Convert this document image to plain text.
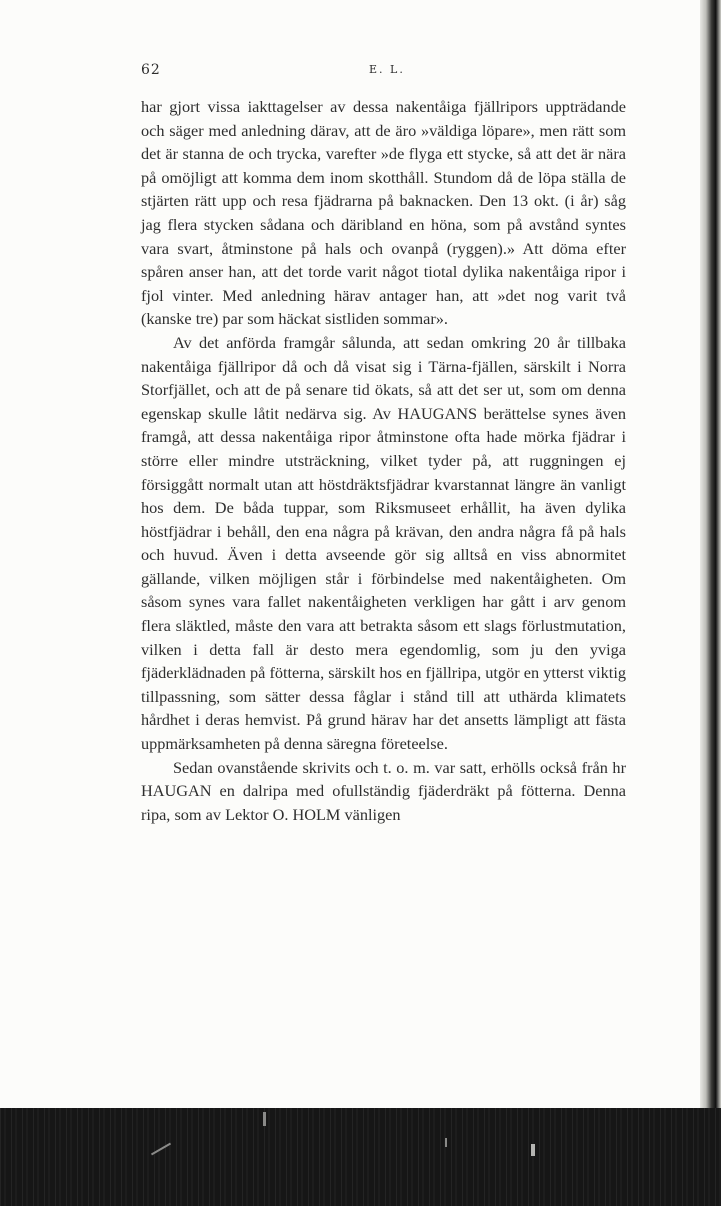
62	E. L.

har gjort vissa iakttagelser av dessa nakentåiga fjällripors uppträdande och säger med anledning därav, att de äro »väldiga löpare», men rätt som det är stanna de och trycka, varefter »de flyga ett stycke, så att det är nära på omöjligt att komma dem inom skotthåll. Stundom då de löpa ställa de stjärten rätt upp och resa fjädrarna på baknacken. Den 13 okt. (i år) såg jag flera stycken sådana och däribland en höna, som på avstånd syntes vara svart, åtminstone på hals och ovanpå (ryggen).» Att döma efter spåren anser han, att det torde varit något tiotal dylika nakentåiga ripor i fjol vinter. Med anledning härav antager han, att »det nog varit två (kanske tre) par som häckat sistliden sommar».

Av det anförda framgår sålunda, att sedan omkring 20 år tillbaka nakentåiga fjällripor då och då visat sig i Tärna-fjällen, särskilt i Norra Storfjället, och att de på senare tid ökats, så att det ser ut, som om denna egenskap skulle låtit nedärva sig. Av HAUGANS berättelse synes även framgå, att dessa nakentåiga ripor åtminstone ofta hade mörka fjädrar i större eller mindre utsträckning, vilket tyder på, att ruggningen ej försiggått normalt utan att höstdräktsfjädrar kvarstannat längre än vanligt hos dem. De båda tuppar, som Riksmuseet erhållit, ha även dylika höstfjädrar i behåll, den ena några på krävan, den andra några få på hals och huvud. Även i detta avseende gör sig alltså en viss abnormitet gällande, vilken möjligen står i förbindelse med nakentåigheten. Om såsom synes vara fallet nakentåigheten verkligen har gått i arv genom flera släktled, måste den vara att betrakta såsom ett slags förlustmutation, vilken i detta fall är desto mera egendomlig, som ju den yviga fjäderklädnaden på fötterna, särskilt hos en fjällripa, utgör en ytterst viktig tillpassning, som sätter dessa fåglar i stånd till att uthärda klimatets hårdhet i deras hemvist. På grund härav har det ansetts lämpligt att fästa uppmärksamheten på denna säregna företeelse.

Sedan ovanstående skrivits och t. o. m. var satt, erhölls också från hr HAUGAN en dalripa med ofullständig fjäderdräkt på fötterna. Denna ripa, som av Lektor O. HOLM vänligen
